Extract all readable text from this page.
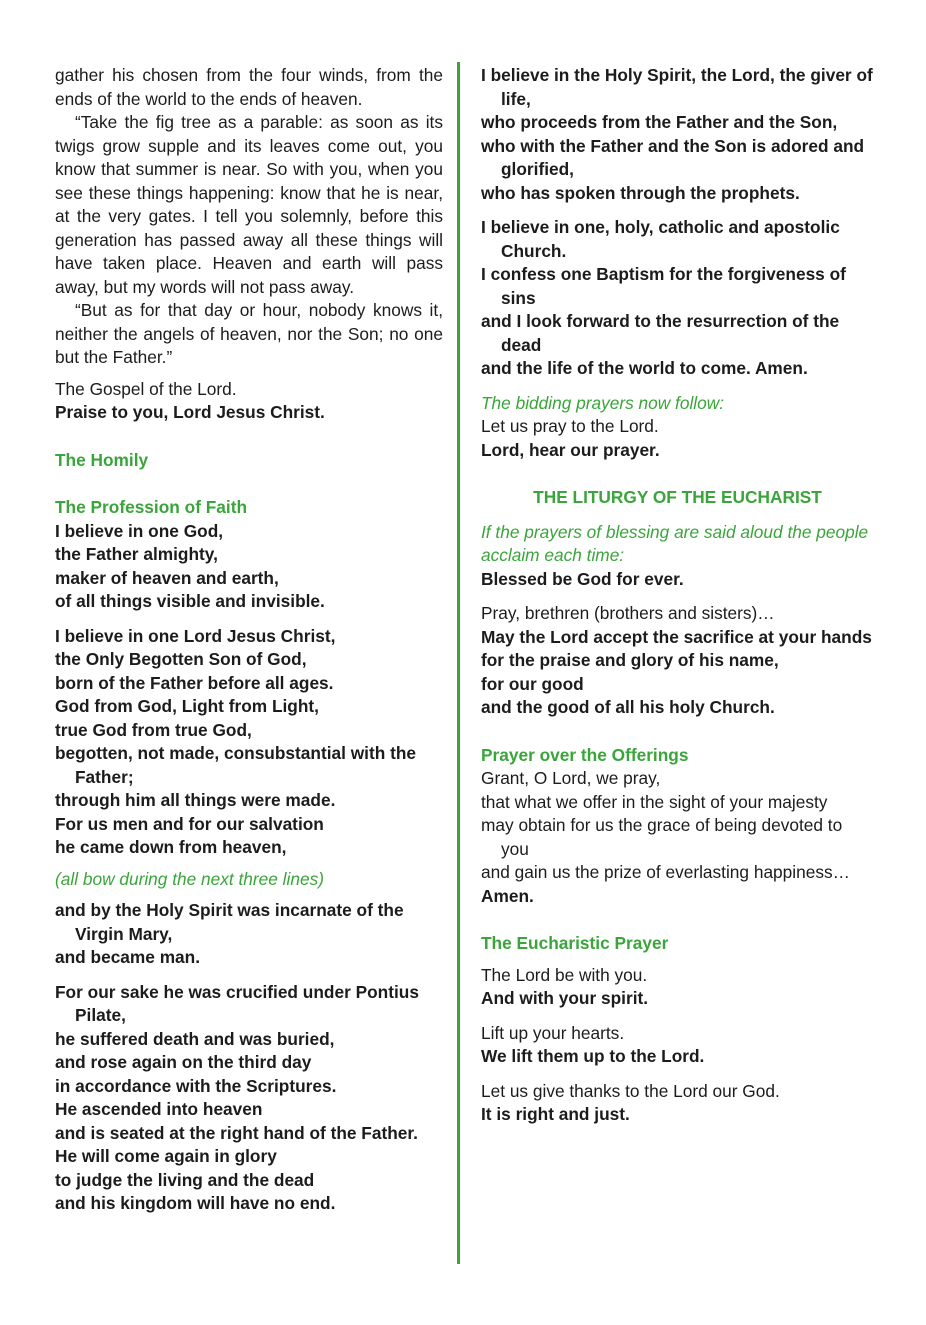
gather his chosen from the four winds, from the ends of the world to the ends of heaven.

“Take the fig tree as a parable: as soon as its twigs grow supple and its leaves come out, you know that summer is near. So with you, when you see these things happening: know that he is near, at the very gates. I tell you solemnly, before this generation has passed away all these things will have taken place. Heaven and earth will pass away, but my words will not pass away.

“But as for that day or hour, nobody knows it, neither the angels of heaven, nor the Son; no one but the Father.”

The Gospel of the Lord.

Praise to you, Lord Jesus Christ.

The Homily

The Profession of Faith

I believe in one God,

the Father almighty,

maker of heaven and earth,

of all things visible and invisible.

I believe in one Lord Jesus Christ,

the Only Begotten Son of God,

born of the Father before all ages.

God from God, Light from Light,

true God from true God,

begotten, not made, consubstantial with the Father;

through him all things were made.

For us men and for our salvation

he came down from heaven,

(all bow during the next three lines)

and by the Holy Spirit was incarnate of the Virgin Mary,

and became man.

For our sake he was crucified under Pontius Pilate,

he suffered death and was buried,

and rose again on the third day

in accordance with the Scriptures.

He ascended into heaven

and is seated at the right hand of the Father.

He will come again in glory

to judge the living and the dead

and his kingdom will have no end.

I believe in the Holy Spirit, the Lord, the giver of life,

who proceeds from the Father and the Son,

who with the Father and the Son is adored and glorified,

who has spoken through the prophets.

I believe in one, holy, catholic and apostolic Church.

I confess one Baptism for the forgiveness of sins

and I look forward to the resurrection of the dead

and the life of the world to come. Amen.

The bidding prayers now follow:

Let us pray to the Lord.

Lord, hear our prayer.

THE LITURGY OF THE EUCHARIST

If the prayers of blessing are said aloud the people acclaim each time:

Blessed be God for ever.

Pray, brethren (brothers and sisters)…

May the Lord accept the sacrifice at your hands

for the praise and glory of his name,

for our good

and the good of all his holy Church.

Prayer over the Offerings

Grant, O Lord, we pray,

that what we offer in the sight of your majesty

may obtain for us the grace of being devoted to you

and gain us the prize of everlasting happiness…

Amen.

The Eucharistic Prayer

The Lord be with you.

And with your spirit.

Lift up your hearts.

We lift them up to the Lord.

Let us give thanks to the Lord our God.

It is right and just.
